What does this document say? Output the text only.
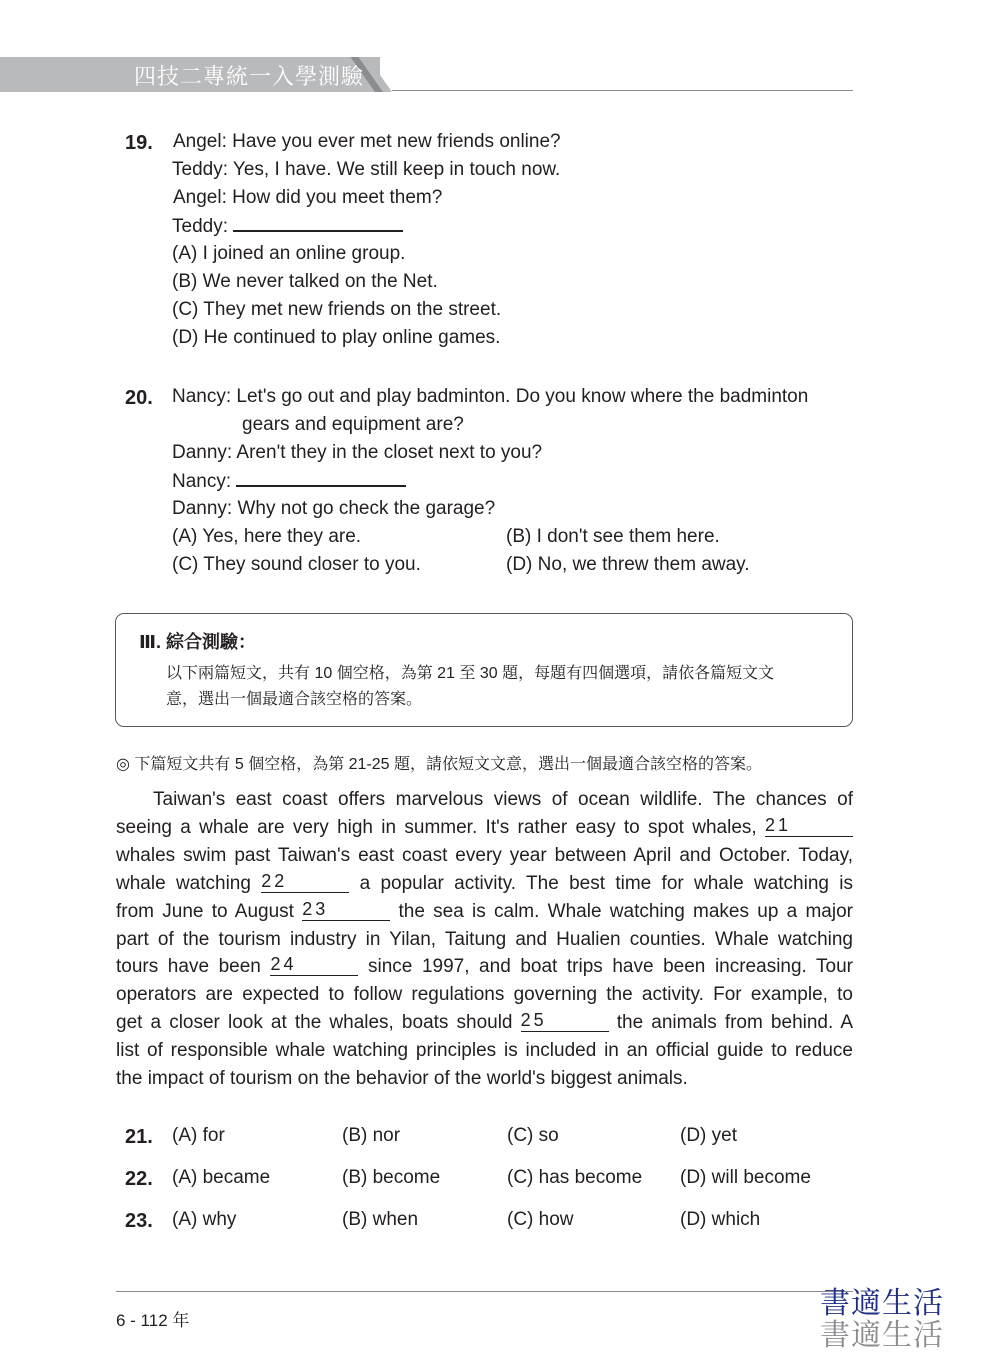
四技二專統一入學測驗
19. Angel: Have you ever met new friends online?
Teddy: Yes, I have. We still keep in touch now.
Angel: How did you meet them?
Teddy:
(A) I joined an online group.
(B) We never talked on the Net.
(C) They met new friends on the street.
(D) He continued to play online games.
20. Nancy: Let's go out and play badminton. Do you know where the badminton
gears and equipment are?
Danny: Aren't they in the closet next to you?
Nancy:
Danny: Why not go check the garage?
(A) Yes, here they are.	(B) I don't see them here.
(C) They sound closer to you.	(D) No, we threw them away.
Ⅲ. 綜合測驗：
以下兩篇短文，共有 10 個空格，為第 21 至 30 題，每題有四個選項，請依各篇短文文
意，選出一個最適合該空格的答案。
◎ 下篇短文共有 5 個空格，為第 21-25 題，請依短文文意，選出一個最適合該空格的答案。
Taiwan's east coast offers marvelous views of ocean wildlife. The chances of
seeing a whale are very high in summer. It's rather easy to spot whales, 21
whales swim past Taiwan's east coast every year between April and October. Today,
whale watching 22	a popular activity. The best time for whale watching is
from June to August 23	the sea is calm. Whale watching makes up a major
part of the tourism industry in Yilan, Taitung and Hualien counties. Whale watching
tours have been 24	since 1997, and boat trips have been increasing. Tour
operators are expected to follow regulations governing the activity. For example, to
get a closer look at the whales, boats should 25	the animals from behind. A
list of responsible whale watching principles is included in an official guide to reduce
the impact of tourism on the behavior of the world's biggest animals.
21. (A) for	(B) nor	(C) so	(D) yet
22. (A) became	(B) become	(C) has become (D) will become
23. (A) why	(B) when	(C) how	(D) which
6 - 112 年	書適生活
書適生活
